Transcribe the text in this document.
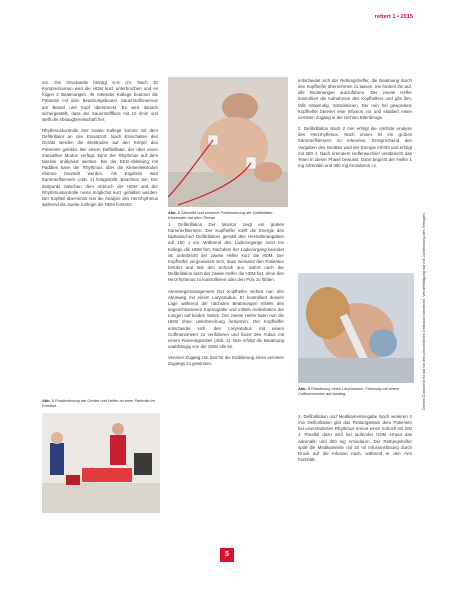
rettert 1 • 2015

vor. Die Druckstelle beträgt 5–6 cm. Nach 30 Kompressionen wird die HDM kurz unterbrochen und es folgen 2 Beatmungen. Ihr rettender Kollege beatmet die Patientin mit dem Beatmungsbeutel, Sauerstoffreservoir am Beutel und Kopf überstreckt. Es wird danach sichergestellt, dass der Sauerstofffluss mit 10 l/min und stellt die Absaugbereitschaft her.

Rhythmuskontrolle Der zweite Kollege kommt mit dem Defibrillator an den Einsatzort. Nach Einschalten des Geräts werden die Elektroden auf den Körper des Patienten geklebt. Bei einem Defibrillator, der über einen manuellen Modus verfügt, kann der Rhythmus auf dem Monitor analysiert werden. Bei der EKG-Ableitung mit Paddles kann der Rhythmus über die Klebeelektroden ebenso beurteilt werden. Als Ergebnis wird Kammerflimmern (Abb. 2) festgestellt. Beachten Sie: Der Zeitpunkt zwischen dem Abbruch der HDM und der Rhythmuskontrolle muss möglichst kurz gehalten werden. Der Kopfteil übernimmt nun die Analyse des Herzrhythmus während die zweite Kollegin die HDM fortsetzt.

Abb. 2 Sitzende und schwere Positionierung der Defibrillator-Elektroden auf dem Thorax.

1. Defibrillation Der Monitor zeigt ein grobes Kammerflimmern. Der Kopfhelfer stellt die Energie des biphasischen Defibrillators gemäß den Herstellerangaben auf 150 J ein. Während des Ladevorgangs setzt ein Kollege die HDM fort. Nachdem der Ladevorgang beendet ist, unterbricht der zweite Helfer kurz die HDM. Der Kopfhelfer vergewissert sich, dass niemand den Patienten berührt und löst den Schock aus. Sofort nach der Defibrillation setzt der zweite Helfer die HDM fort, ohne den Herzrhythmus zu kontrollieren oder den Puls zu fühlen.

Atemwegsmanagement Der Kopfhelfer sichert nun den Atemweg mit einem Larynxtubus. Er kontrolliert dessen Lage während der nächsten Beatmungen mittels des angeschlossenen Kapnografie und mittels Auskultation der Lungen auf beiden Seiten. Der zweite Helfer kann nun die HDM ohne Unterbrechung fortsetzen. Der Kopfhelfer entscheidet sich, den Larynxtubus mit einem Cuffmanometer zu verifizieren und fixiert den Tubus mit einem Fixierungsmittel (Abb. 3). Nun erfolgt die Beatmung unabhängig von der HDM alle 6s.

Venöser Zugang Um Zeit für die Etablierung eines venösen Zugangs zu gewinnen,

Abb. 1 Positionierung der Geräte und Helfer an einer Patientin im Ernstfall.

entscheidet sich der Rettungshelfer, die Beatmung durch den Kopfhelfer übernehmen zu lassen. Sie fordern ihn auf, alle Beatmungen auszuführen. Der zweite Helfer kontrolliert die Aufnahmen des Kopfhelfers und gibt ihm, falls notwendig, Instruktionen. Der nun frei gewordene Kopfhelfer bereitet eine Infusion vor und etabliert einen venösen Zugang in der rechten Ellenbeuge.

2. Defibrillation Nach 2 min erfolgt die nächste Analyse des Herzrhythmus. Noch immer ist ein grobes Kammerflimmern zu erkennen. Entsprechend den Vorgaben des Gerätes wird der Energie erhöht und erfolgt mit 200 J. Nach erneutem Helferwechsel verabreicht das Team in dieser Phase bewusst. Dann beginnt der Helfer 1 mg Adrenalin und 300 mg Amiodaron i.v.

Abb. 3 Platzierung eines Larynxtubus. Fixierung mit einem Cuffmanometer auf Anstieg.

3. Defibrillation und Medikamentengabe Nach weiteren 2 min Defibrillation gibt das Rettungsteam dem Patienten bei unveränderten Rhythmus erneut einen Schock mit 200 J. Parallel dazu wird bei laufender HDM erneut das Adrenalin und 300 mg Amiodaron. Der Rettungshelfer spült die Medikamente mit 20 ml Infusionslösung durch Druck auf die Infusion nach, während er den Arm hochhält.

5
Dieses Dokument ist nur für den persönlichen Gebrauch bestimmt. Vervielfältigung nur mit Zustimmung des Verlages.
